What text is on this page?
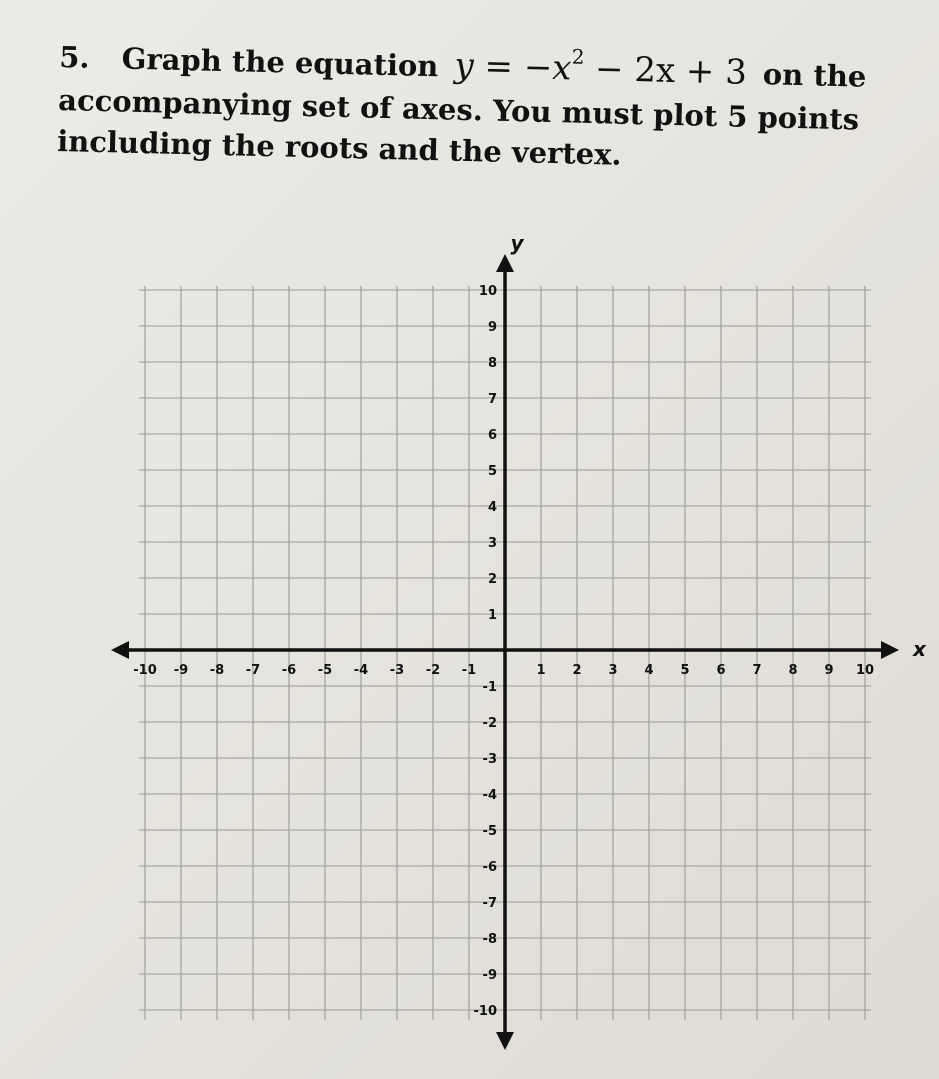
5. Graph the equation $y = -x^2 - 2x + 3$ on the accompanying set of axes. You must plot 5 points including the roots and the vertex.
-10 -9 -8 -7 -6 -5 -4 -3 -2 -1	1 2 3 4 5 6 7 8 9 10
10
9
8
7
6
5
4
3
2
1
-1
-2
-3
-4
-5
-6
-7
-8
-9
-10
x
y
